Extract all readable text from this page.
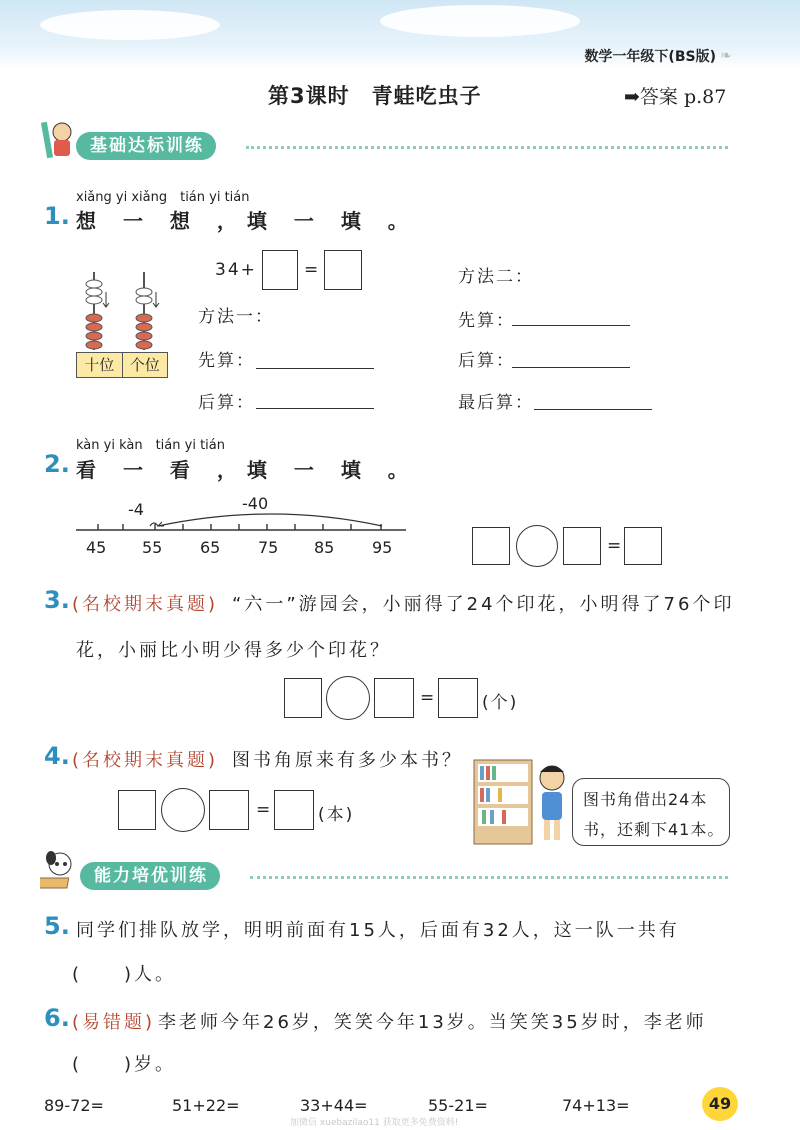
数学一年级下(BS版) ❧
第3课时　青蛙吃虫子	➡答案 p.87
基础达标训练
xiǎng yi xiǎng　tián yi tián
1. 想 一 想 ，填 一 填 。
十位	个位
34+	=
方法一：
先算：
后算：
方法二：
先算：
后算：
最后算：
kàn yi kàn　tián yi tián
2. 看 一 看 ，填 一 填 。
-4	-40
45 55 65 75 85 95	=
3. (名校期末真题) “六一”游园会，小丽得了24个印花，小明得了76个印
花，小丽比小明少得多少个印花？
=	(个)
4. (名校期末真题) 图书角原来有多少本书？
=	(本)
图书角借出24本
书，还剩下41本。
能力培优训练
5. 同学们排队放学，明明前面有15人，后面有32人，这一队一共有
(　　)人。
6. (易错题) 李老师今年26岁，笑笑今年13岁。当笑笑35岁时，李老师
(　　)岁。
89-72=	51+22=	33+44=	55-21=	74+13=	49
加微信 xuebazilao11 获取更多免费资料!
